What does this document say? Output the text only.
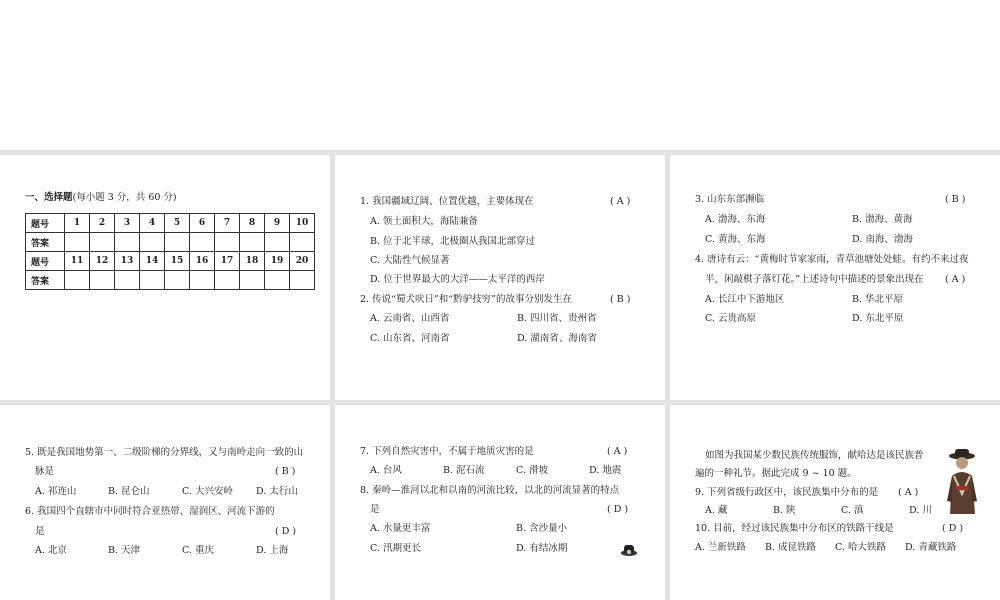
一、选择题(每小题 3 分，共 60 分)
题号	1	2	3	4	5	6	7	8	9	10
答案										
题号	11	12	13	14	15	16	17	18	19	20
答案										
1. 我国疆域辽阔、位置优越，主要体现在	( A )
A. 领土面积大，海陆兼备
B. 位于北半球，北极圈从我国北部穿过
C. 大陆性气候显著
D. 位于世界最大的大洋——太平洋的西岸
2. 传说“蜀犬吠日”和“黔驴技穷”的故事分别发生在	( B )
A. 云南省、山西省	B. 四川省、贵州省
C. 山东省、河南省	D. 湖南省、海南省
3. 山东东部濒临	( B )
A. 渤海、东海	B. 渤海、黄海
C. 黄海、东海	D. 南海、渤海
4. 唐诗有云：“黄梅时节家家雨，青草池塘处处蛙。有约不来过夜
半，闲敲棋子落灯花。”上述诗句中描述的景象出现在 ( A )
A. 长江中下游地区	B. 华北平原
C. 云贵高原	D. 东北平原
5. 既是我国地势第一、二级阶梯的分界线，又与南岭走向一致的山
脉是	( B )
A. 祁连山	B. 昆仑山	C. 大兴安岭 D. 太行山
6. 我国四个直辖市中同时符合亚热带、湿润区、河流下游的
是	( D )
A. 北京	B. 天津	C. 重庆	D. 上海
7. 下列自然灾害中，不属于地质灾害的是	( A )
A. 台风	B. 泥石流	C. 滑坡	D. 地震
8. 秦岭—淮河以北和以南的河流比较，以北的河流显著的特点
是	( D )
A. 水量更丰富	B. 含沙量小
C. 汛期更长	D. 有结冰期
如图为我国某少数民族传统服饰，献哈达是该民族普
遍的一种礼节。据此完成 9 ~ 10 题。
9. 下列省级行政区中，该民族集中分布的是 ( A )
A. 藏	B. 陕	C. 滇	D. 川
10. 目前，经过该民族集中分布区的铁路干线是	( D )
A. 兰新铁路 B. 成昆铁路 C. 哈大铁路 D. 青藏铁路
